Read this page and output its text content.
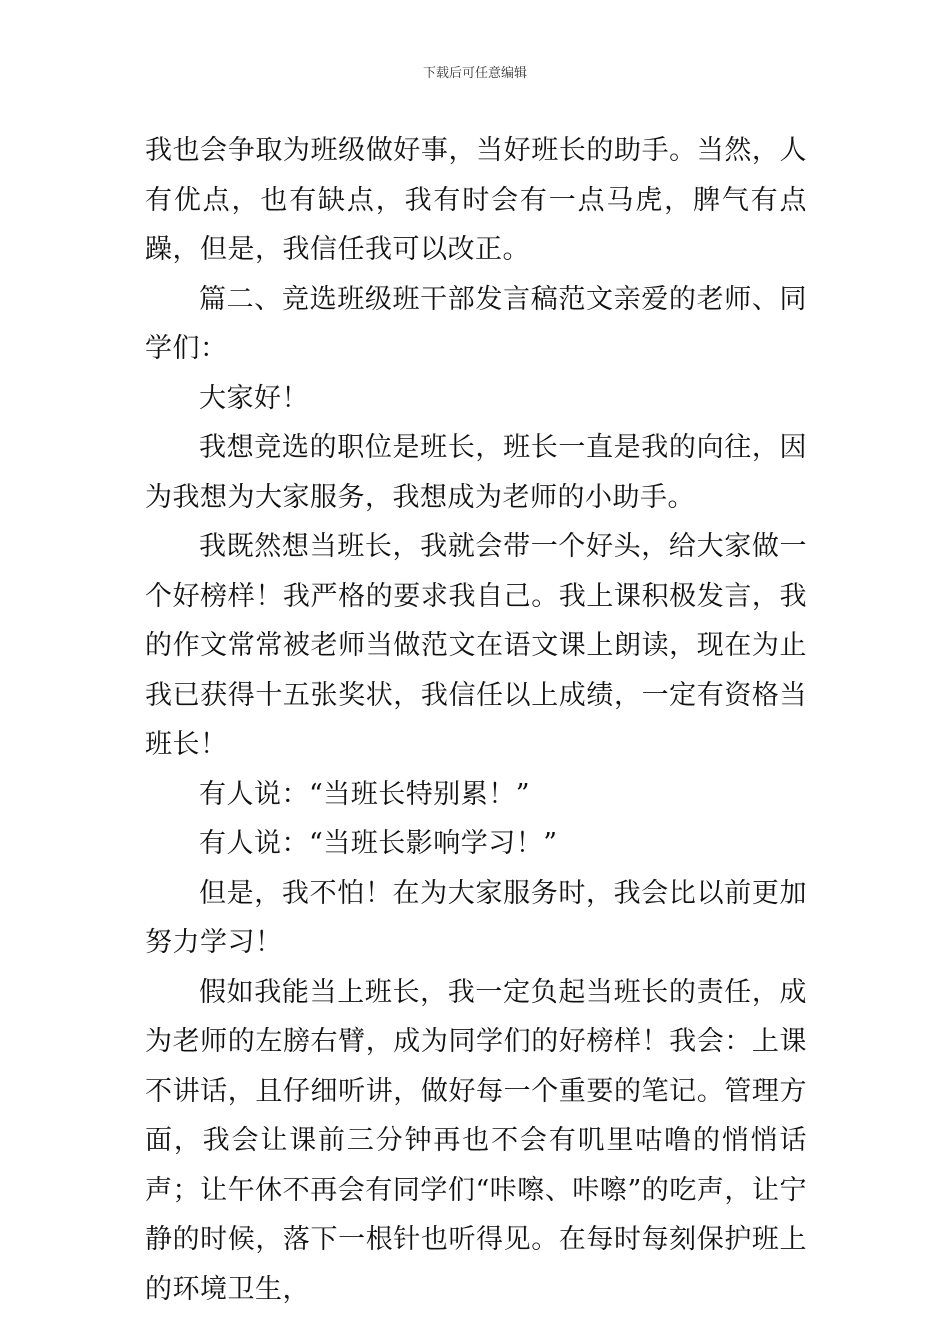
下载后可任意编辑

我也会争取为班级做好事，当好班长的助手。当然，人有优点，也有缺点，我有时会有一点马虎，脾气有点躁，但是，我信任我可以改正。

篇二、竞选班级班干部发言稿范文亲爱的老师、同学们：

大家好！

我想竞选的职位是班长，班长一直是我的向往，因为我想为大家服务，我想成为老师的小助手。

我既然想当班长，我就会带一个好头，给大家做一个好榜样！我严格的要求我自己。我上课积极发言，我的作文常常被老师当做范文在语文课上朗读，现在为止我已获得十五张奖状，我信任以上成绩，一定有资格当班长！

有人说：“当班长特别累！”

有人说：“当班长影响学习！”

但是，我不怕！在为大家服务时，我会比以前更加努力学习！

假如我能当上班长，我一定负起当班长的责任，成为老师的左膀右臂，成为同学们的好榜样！我会：上课不讲话，且仔细听讲，做好每一个重要的笔记。管理方面，我会让课前三分钟再也不会有叽里咕噜的悄悄话声；让午休不再会有同学们“咔嚓、咔嚓”的吃声，让宁静的时候，落下一根针也听得见。在每时每刻保护班上的环境卫生，
